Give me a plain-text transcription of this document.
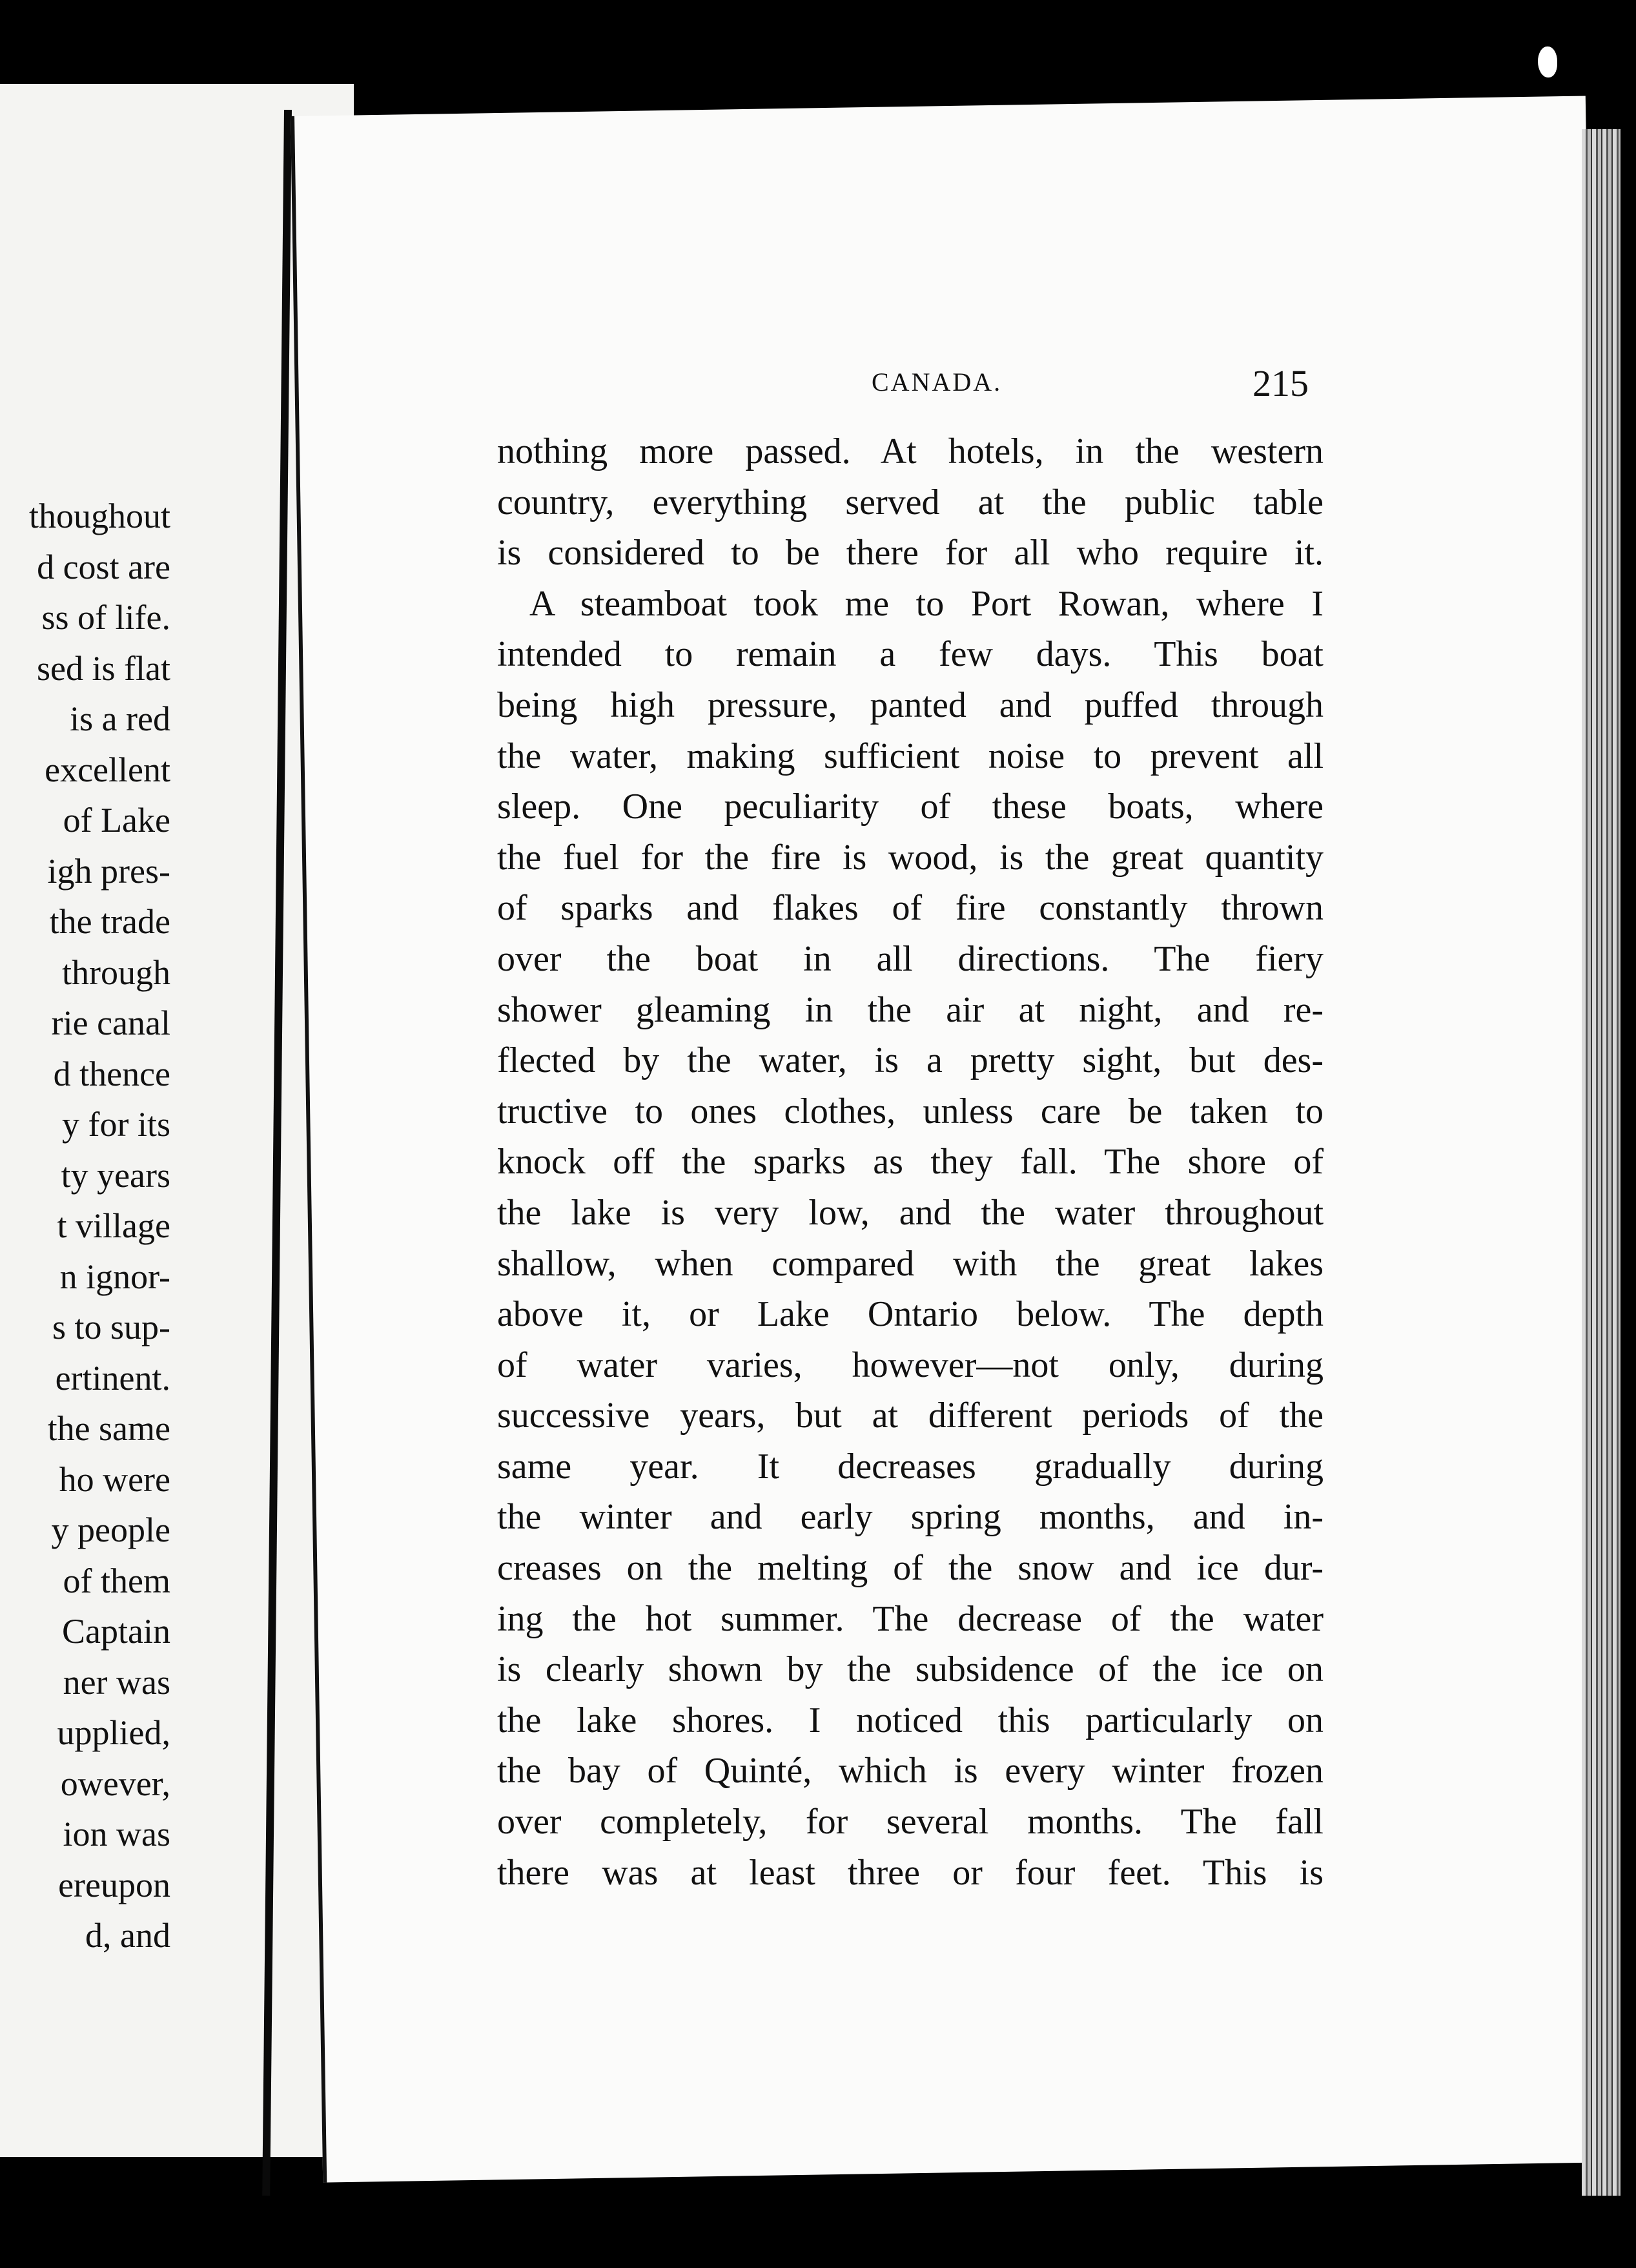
thoughout
d cost are
ss of life.
sed is flat
is a red
excellent
of Lake
igh pres-
the trade
through
rie canal
d thence
y for its
ty years
t village
n ignor-
s to sup-
ertinent.
the same
ho were
y people
of them
Captain
ner was
upplied,
owever,
ion was
ereupon
d, and
CANADA.	215
nothing more passed. At hotels, in the western
country, everything served at the public table
is considered to be there for all who require it.
A steamboat took me to Port Rowan, where I
intended to remain a few days. This boat
being high pressure, panted and puffed through
the water, making sufficient noise to prevent all
sleep. One peculiarity of these boats, where
the fuel for the fire is wood, is the great quantity
of sparks and flakes of fire constantly thrown
over the boat in all directions. The fiery
shower gleaming in the air at night, and re-
flected by the water, is a pretty sight, but des-
tructive to ones clothes, unless care be taken to
knock off the sparks as they fall. The shore of
the lake is very low, and the water throughout
shallow, when compared with the great lakes
above it, or Lake Ontario below. The depth
of water varies, however—not only, during
successive years, but at different periods of the
same year. It decreases gradually during
the winter and early spring months, and in-
creases on the melting of the snow and ice dur-
ing the hot summer. The decrease of the water
is clearly shown by the subsidence of the ice on
the lake shores. I noticed this particularly on
the bay of Quinté, which is every winter frozen
over completely, for several months. The fall
there was at least three or four feet. This is
